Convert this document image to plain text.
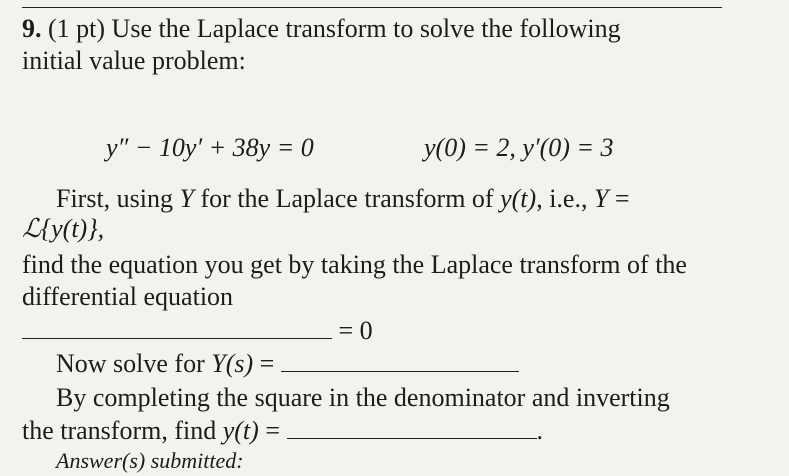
9. (1 pt) Use the Laplace transform to solve the following
initial value problem:
y″ − 10y′ + 38y = 0	y(0) = 2, y′(0) = 3
First, using Y for the Laplace transform of y(t), i.e., Y =
ℒ{y(t)},
find the equation you get by taking the Laplace transform of the
differential equation
= 0
Now solve for Y(s) =
By completing the square in the denominator and inverting
the transform, find y(t) =	.
Answer(s) submitted:
